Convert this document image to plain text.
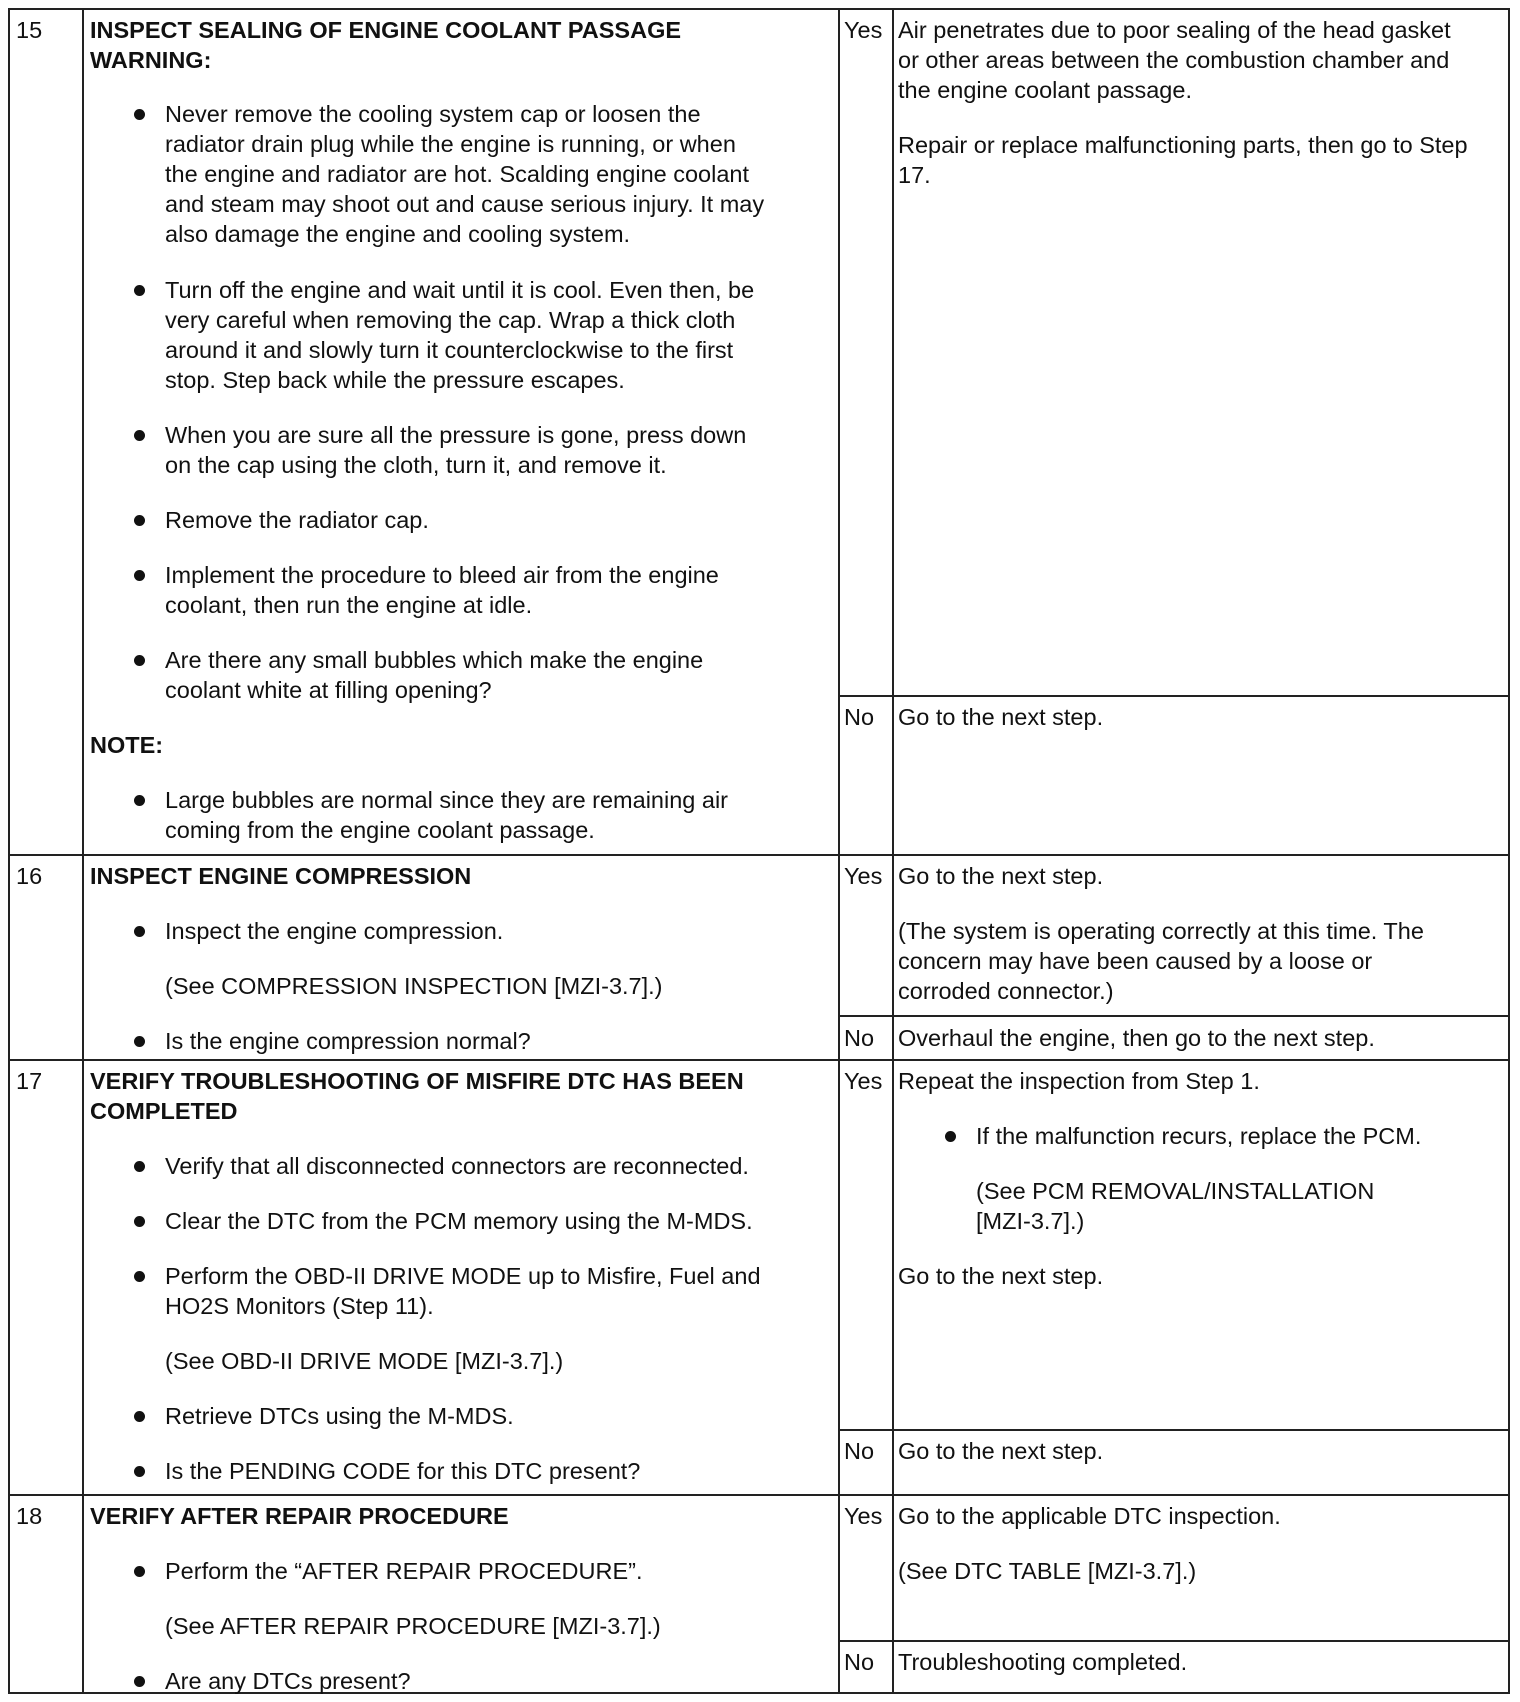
15 INSPECT SEALING OF ENGINE COOLANT PASSAGE
WARNING:
Never remove the cooling system cap or loosen the
radiator drain plug while the engine is running, or when
the engine and radiator are hot. Scalding engine coolant
and steam may shoot out and cause serious injury. It may
also damage the engine and cooling system.
Turn off the engine and wait until it is cool. Even then, be
very careful when removing the cap. Wrap a thick cloth
around it and slowly turn it counterclockwise to the first
stop. Step back while the pressure escapes.
When you are sure all the pressure is gone, press down
on the cap using the cloth, turn it, and remove it.
Remove the radiator cap.
Implement the procedure to bleed air from the engine
coolant, then run the engine at idle.
Are there any small bubbles which make the engine
coolant white at filling opening?
NOTE:
Large bubbles are normal since they are remaining air
coming from the engine coolant passage.
Yes Air penetrates due to poor sealing of the head gasket
or other areas between the combustion chamber and
the engine coolant passage.
Repair or replace malfunctioning parts, then go to Step
17.
No Go to the next step.
16 INSPECT ENGINE COMPRESSION
Inspect the engine compression.
(See COMPRESSION INSPECTION [MZI-3.7].)
Is the engine compression normal?
Yes Go to the next step.
(The system is operating correctly at this time. The
concern may have been caused by a loose or
corroded connector.)
No Overhaul the engine, then go to the next step.
17 VERIFY TROUBLESHOOTING OF MISFIRE DTC HAS BEEN
COMPLETED
Verify that all disconnected connectors are reconnected.
Clear the DTC from the PCM memory using the M-MDS.
Perform the OBD-II DRIVE MODE up to Misfire, Fuel and
HO2S Monitors (Step 11).
(See OBD-II DRIVE MODE [MZI-3.7].)
Retrieve DTCs using the M-MDS.
Is the PENDING CODE for this DTC present?
Yes Repeat the inspection from Step 1.
If the malfunction recurs, replace the PCM.
(See PCM REMOVAL/INSTALLATION
[MZI-3.7].)
Go to the next step.
No Go to the next step.
18 VERIFY AFTER REPAIR PROCEDURE
Perform the “AFTER REPAIR PROCEDURE”.
(See AFTER REPAIR PROCEDURE [MZI-3.7].)
Are any DTCs present?
Yes Go to the applicable DTC inspection.
(See DTC TABLE [MZI-3.7].)
No Troubleshooting completed.
